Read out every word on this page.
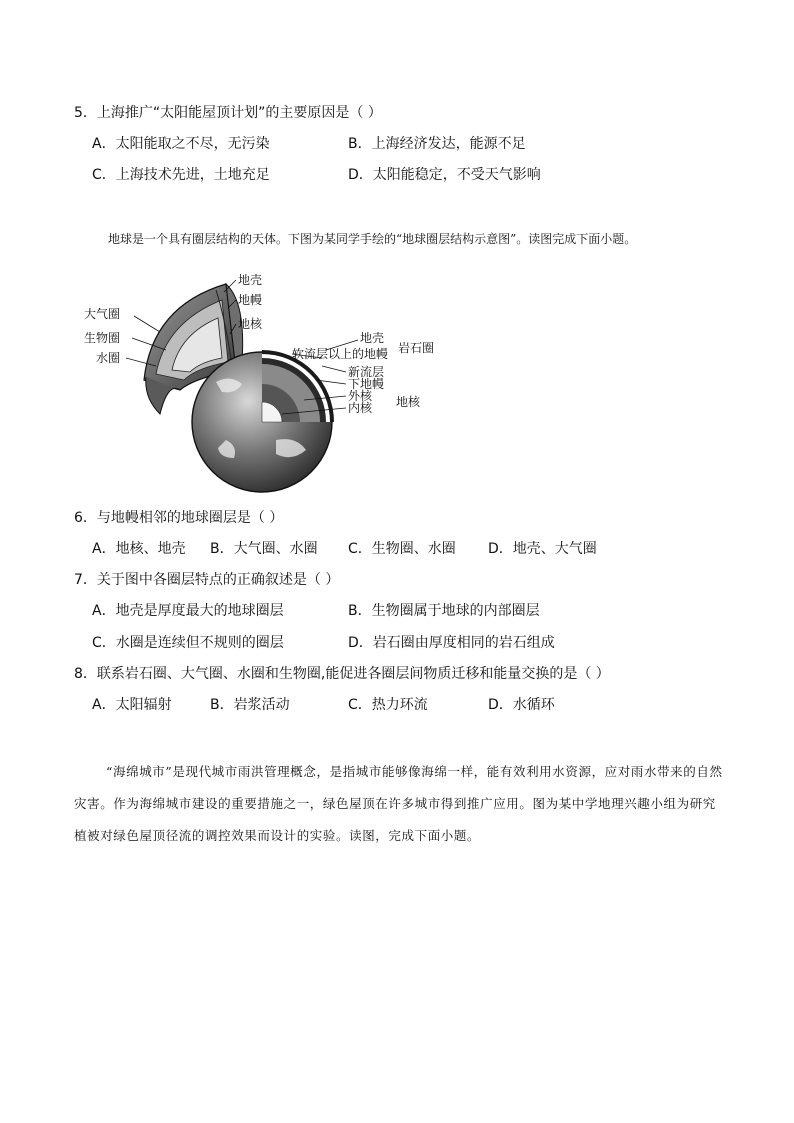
5．上海推广“太阳能屋顶计划”的主要原因是（ ）
A．太阳能取之不尽，无污染	B．上海经济发达，能源不足
C．上海技术先进，土地充足	D．太阳能稳定，不受天气影响
地球是一个具有圈层结构的天体。下图为某同学手绘的“地球圈层结构示意图”。读图完成下面小题。
地壳
地幔
地核
大气圈
生物圈
水圈
地壳
软流层以上的地幔 岩石圈
新流层
下地幔
外核
内核 地核
6．与地幔相邻的地球圈层是（ ）
A．地核、地壳 B．大气圈、水圈 C．生物圈、水圈 D．地壳、大气圈
7．关于图中各圈层特点的正确叙述是（ ）
A．地壳是厚度最大的地球圈层	B．生物圈属于地球的内部圈层
C．水圈是连续但不规则的圈层	D．岩石圈由厚度相同的岩石组成
8．联系岩石圈、大气圈、水圈和生物圈,能促进各圈层间物质迁移和能量交换的是（ ）
A．太阳辐射	B．岩浆活动	C．热力环流	D．水循环
“海绵城市”是现代城市雨洪管理概念，是指城市能够像海绵一样，能有效利用水资源，应对雨水带来的自然灾害。作为海绵城市建设的重要措施之一，绿色屋顶在许多城市得到推广应用。图为某中学地理兴趣小组为研究植被对绿色屋顶径流的调控效果而设计的实验。读图，完成下面小题。
